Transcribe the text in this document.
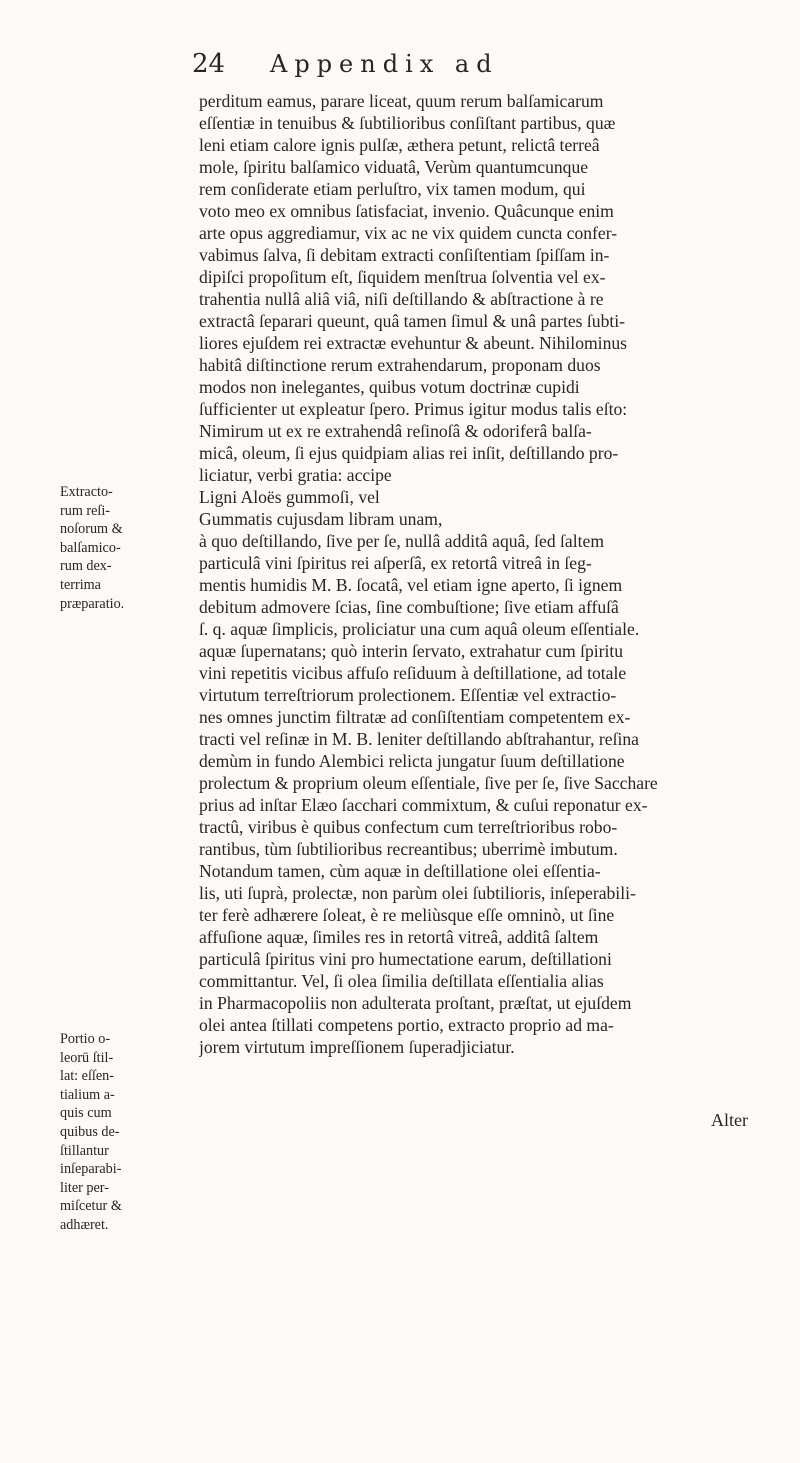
24 Appendix ad
perditum eamus, parare liceat, quum rerum balſamicarum
eſſentiæ in tenuibus & ſubtilioribus conſiſtant partibus, quæ
leni etiam calore ignis pulſæ, æthera petunt, relictâ terreâ
mole, ſpiritu balſamico viduatâ, Verùm quantumcunque
rem conſiderate etiam perluſtro, vix tamen modum, qui
voto meo ex omnibus ſatisfaciat, invenio. Quâcunque enim
arte opus aggrediamur, vix ac ne vix quidem cuncta confer-
vabimus ſalva, ſi debitam extracti conſiſtentiam ſpiſſam in-
dipiſci propoſitum eſt, ſiquidem menſtrua ſolventia vel ex-
trahentia nullâ aliâ viâ, niſi deſtillando & abſtractione à re
extractâ ſeparari queunt, quâ tamen ſimul & unâ partes ſubti-
liores ejuſdem rei extractæ evehuntur & abeunt. Nihilominus
habitâ diſtinctione rerum extrahendarum, proponam duos
modos non inelegantes, quibus votum doctrinæ cupidi
ſufficienter ut expleatur ſpero. Primus igitur modus talis eſto:
Nimirum ut ex re extrahendâ reſinoſâ & odoriferâ balſa-
micâ, oleum, ſi ejus quidpiam alias rei inſit, deſtillando pro-
liciatur, verbi gratia: accipe
Ligni Aloës gummoſi, vel
Gummatis cujusdam libram unam,
à quo deſtillando, ſive per ſe, nullâ additâ aquâ, ſed ſaltem
particulâ vini ſpiritus rei aſperſâ, ex retortâ vitreâ in ſeg-
mentis humidis M. B. ſocatâ, vel etiam igne aperto, ſi ignem
debitum admovere ſcias, ſine combuſtione; ſive etiam affuſâ
ſ. q. aquæ ſimplicis, proliciatur una cum aquâ oleum eſſentiale.
aquæ ſupernatans; quò interin ſervato, extrahatur cum ſpiritu
vini repetitis vicibus affuſo reſiduum à deſtillatione, ad totale
virtutum terreſtriorum prolectionem. Eſſentiæ vel extractio-
nes omnes junctim filtratæ ad conſiſtentiam competentem ex-
tracti vel reſinæ in M. B. leniter deſtillando abſtrahantur, reſina
demùm in fundo Alembici relicta jungatur ſuum deſtillatione
prolectum & proprium oleum eſſentiale, ſive per ſe, ſive Sacchare
prius ad inſtar Elæo ſacchari commixtum, & cuſui reponatur ex-
tractû, viribus è quibus confectum cum terreſtrioribus robo-
rantibus, tùm ſubtilioribus recreantibus; uberrimè imbutum.
Notandum tamen, cùm aquæ in deſtillatione olei eſſentia-
lis, uti ſuprà, prolectæ, non parùm olei ſubtilioris, inſeperabili-
ter ferè adhærere ſoleat, è re meliùsque eſſe omninò, ut ſine
affuſione aquæ, ſimiles res in retortâ vitreâ, additâ ſaltem
particulâ ſpiritus vini pro humectatione earum, deſtillationi
committantur. Vel, ſi olea ſimilia deſtillata eſſentialia alias
in Pharmacopoliis non adulterata proſtant, præſtat, ut ejuſdem
olei antea ſtillati competens portio, extracto proprio ad ma-
jorem virtutum impreſſionem ſuperadjiciatur.
Extracto-
rum reſi-
noſorum &
balſamico-
rum dex-
terrima
præparatio.
Portio o-
leorū ſtil-
lat: eſſen-
tialium a-
quis cum
quibus de-
ſtillantur
inſeparabi-
liter per-
miſcetur &
adhæret.
Alter
